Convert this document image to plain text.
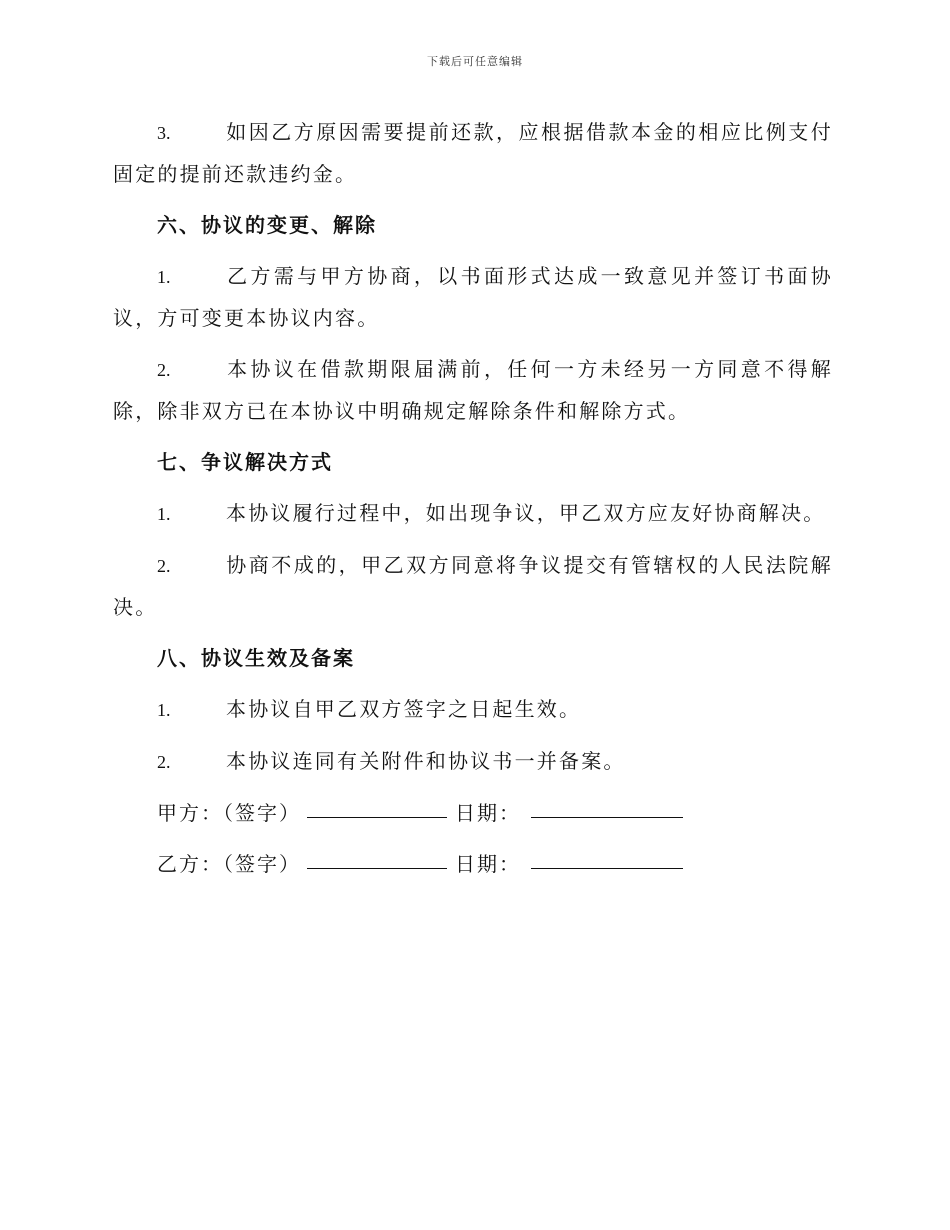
下载后可任意编辑

3.	如因乙方原因需要提前还款，应根据借款本金的相应比例支付固定的提前还款违约金。

六、协议的变更、解除

1.	乙方需与甲方协商，以书面形式达成一致意见并签订书面协议，方可变更本协议内容。

2.	本协议在借款期限届满前，任何一方未经另一方同意不得解除，除非双方已在本协议中明确规定解除条件和解除方式。

七、争议解决方式

1.	本协议履行过程中，如出现争议，甲乙双方应友好协商解决。

2.	协商不成的，甲乙双方同意将争议提交有管辖权的人民法院解决。

八、协议生效及备案

1.	本协议自甲乙双方签字之日起生效。

2.	本协议连同有关附件和协议书一并备案。

甲方：（签字）	日期：
乙方：（签字）	日期：
